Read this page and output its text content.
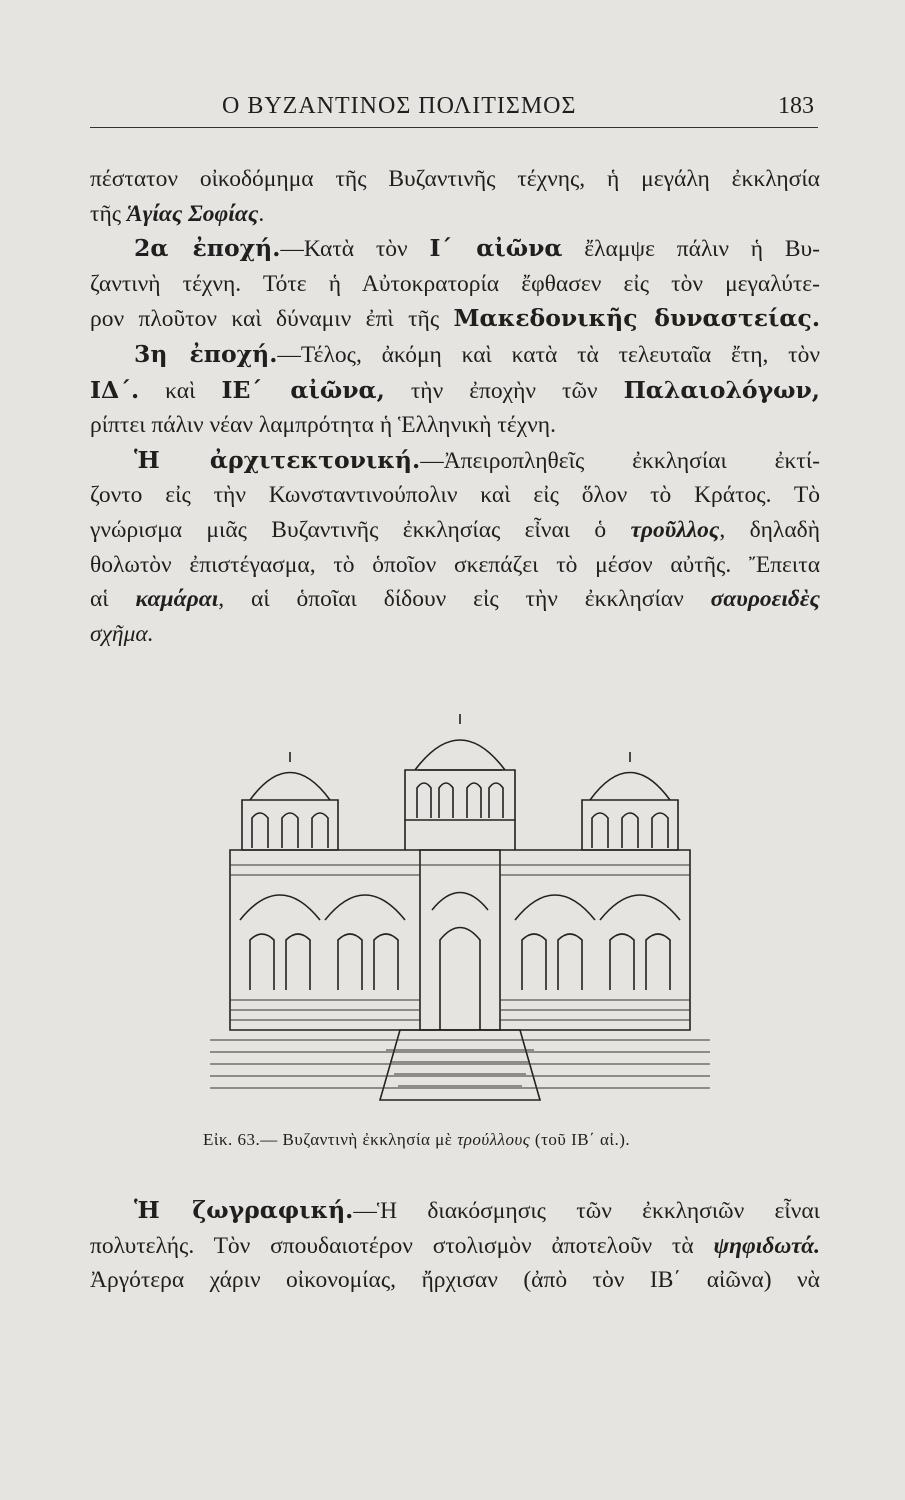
Ο ΒΥΖΑΝΤΙΝΟΣ ΠΟΛΙΤΙΣΜΟΣ	183
πέστατον οἰκοδόμημα τῆς Βυζαντινῆς τέχνης, ἡ μεγάλη ἐκκλησία
τῆς Ἁγίας Σοφίας.
2α ἐποχή.—Κατὰ τὸν Ι΄ αἰῶνα ἔλαμψε πάλιν ἡ Βυ-
ζαντινὴ τέχνη. Τότε ἡ Αὐτοκρατορία ἔφθασεν εἰς τὸν μεγαλύτε-
ρον πλοῦτον καὶ δύναμιν ἐπὶ τῆς Μακεδονικῆς δυναστείας.
3η ἐποχή.—Τέλος, ἀκόμη καὶ κατὰ τὰ τελευταῖα ἔτη, τὸν
ΙΔ΄. καὶ ΙΕ΄ αἰῶνα, τὴν ἐποχὴν τῶν Παλαιολόγων,
ρίπτει πάλιν νέαν λαμπρότητα ἡ Ἑλληνικὴ τέχνη.
Ἡ ἀρχιτεκτονική.—Ἀπειροπληθεῖς ἐκκλησίαι ἐκτί-
ζοντο εἰς τὴν Κωνσταντινούπολιν καὶ εἰς ὅλον τὸ Κράτος. Τὸ
γνώρισμα μιᾶς Βυζαντινῆς ἐκκλησίας εἶναι ὁ τροῦλλος, δηλαδὴ
θολωτὸν ἐπιστέγασμα, τὸ ὁποῖον σκεπάζει τὸ μέσον αὐτῆς. Ἔπειτα
αἱ καμάραι, αἱ ὁποῖαι δίδουν εἰς τὴν ἐκκλησίαν σαυροειδὲς
σχῆμα.
Εἰκ. 63.— Βυζαντινὴ ἐκκλησία μὲ τρούλλους (τοῦ ΙΒ΄ αἰ.).
Ἡ ζωγραφική.—Ἡ διακόσμησις τῶν ἐκκλησιῶν εἶναι
πολυτελής. Τὸν σπουδαιοτέρον στολισμὸν ἀποτελοῦν τὰ ψηφιδωτά.
Ἀργότερα χάριν οἰκονομίας, ἤρχισαν (ἀπὸ τὸν ΙΒ΄ αἰῶνα) νὰ
